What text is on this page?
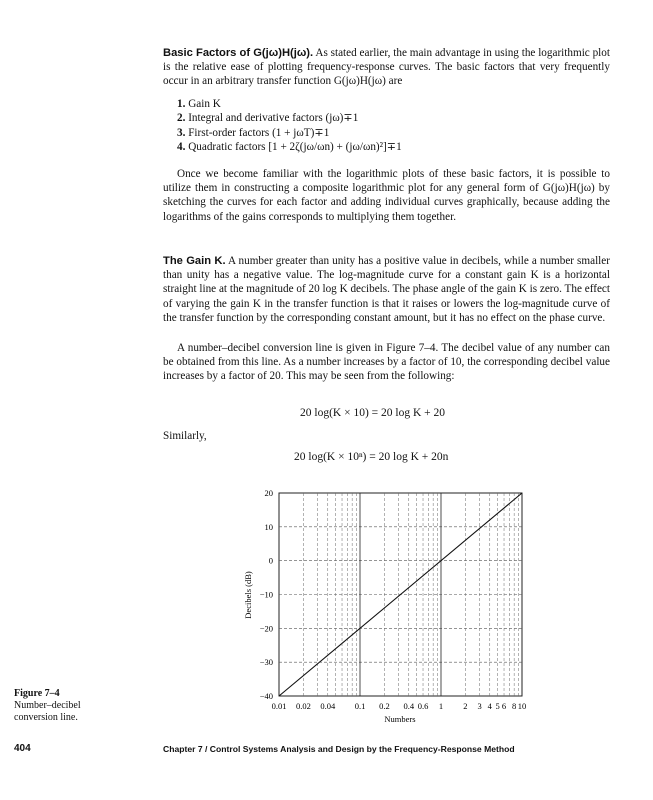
Basic Factors of G(jω)H(jω). As stated earlier, the main advantage in using the logarithmic plot is the relative ease of plotting frequency-response curves. The basic factors that very frequently occur in an arbitrary transfer function G(jω)H(jω) are
1. Gain K
2. Integral and derivative factors (jω)∓1
3. First-order factors (1 + jωT)∓1
4. Quadratic factors [1 + 2ζ(jω/ωn) + (jω/ωn)²]∓1
Once we become familiar with the logarithmic plots of these basic factors, it is possible to utilize them in constructing a composite logarithmic plot for any general form of G(jω)H(jω) by sketching the curves for each factor and adding individual curves graphically, because adding the logarithms of the gains corresponds to multiplying them together.
The Gain K. A number greater than unity has a positive value in decibels, while a number smaller than unity has a negative value. The log-magnitude curve for a constant gain K is a horizontal straight line at the magnitude of 20 log K decibels. The phase angle of the gain K is zero. The effect of varying the gain K in the transfer function is that it raises or lowers the log-magnitude curve of the transfer function by the corresponding constant amount, but it has no effect on the phase curve.
A number–decibel conversion line is given in Figure 7–4. The decibel value of any number can be obtained from this line. As a number increases by a factor of 10, the corresponding decibel value increases by a factor of 20. This may be seen from the following:
20 log(K × 10) = 20 log K + 20
Similarly,
20 log(K × 10ⁿ) = 20 log K + 20n
20
10
0
−10
−20
−30
−40
0.01 0.02 0.04 0.1 0.2 0.4 0.6 1 2 3 4 5 6 8 10
Numbers
Decibels (dB)
Figure 7–4
Number–decibel
conversion line.
404	Chapter 7 / Control Systems Analysis and Design by the Frequency-Response Method
